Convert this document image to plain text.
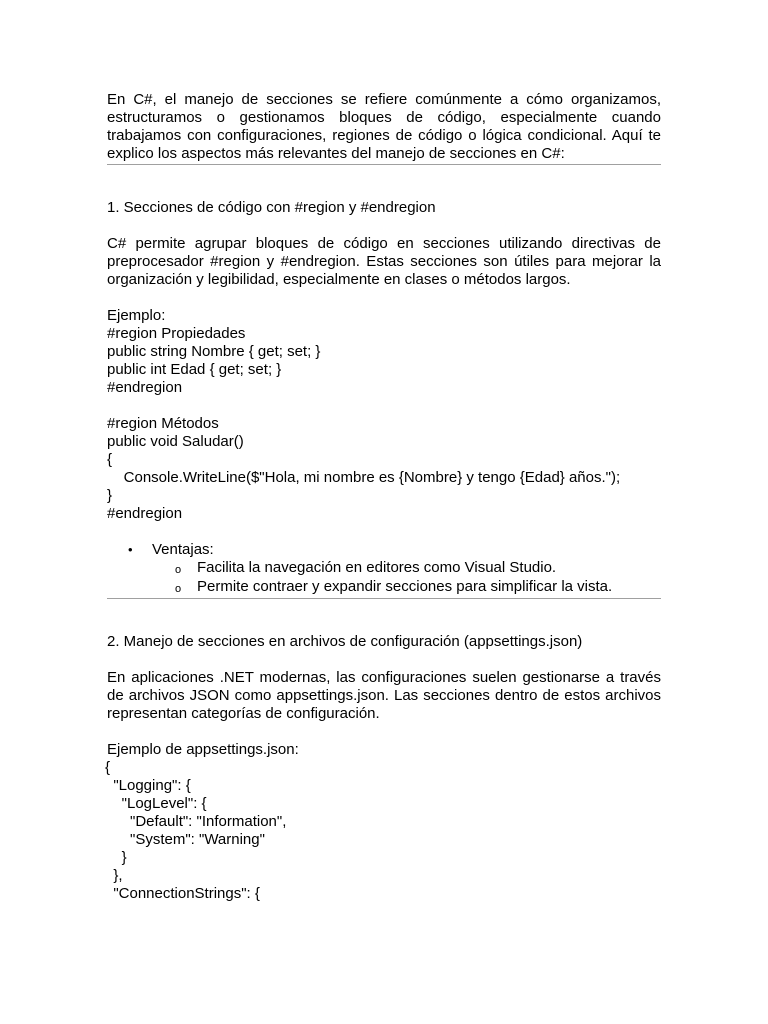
En C#, el manejo de secciones se refiere comúnmente a cómo organizamos, estructuramos o gestionamos bloques de código, especialmente cuando trabajamos con configuraciones, regiones de código o lógica condicional. Aquí te explico los aspectos más relevantes del manejo de secciones en C#:

1. Secciones de código con #region y #endregion

C# permite agrupar bloques de código en secciones utilizando directivas de preprocesador #region y #endregion. Estas secciones son útiles para mejorar la organización y legibilidad, especialmente en clases o métodos largos.

Ejemplo:

#region Propiedades
public string Nombre { get; set; }
public int Edad { get; set; }
#endregion
#region Métodos
public void Saludar()
{
Console.WriteLine($"Hola, mi nombre es {Nombre} y tengo {Edad} años.");
}
#endregion
• Ventajas:
o Facilita la navegación en editores como Visual Studio.
o Permite contraer y expandir secciones para simplificar la vista.

2. Manejo de secciones en archivos de configuración (appsettings.json)

En aplicaciones .NET modernas, las configuraciones suelen gestionarse a través de archivos JSON como appsettings.json. Las secciones dentro de estos archivos representan categorías de configuración.

Ejemplo de appsettings.json:

{
"Logging": {
"LogLevel": {
"Default": "Information",
"System": "Warning"
}
},
"ConnectionStrings": {
